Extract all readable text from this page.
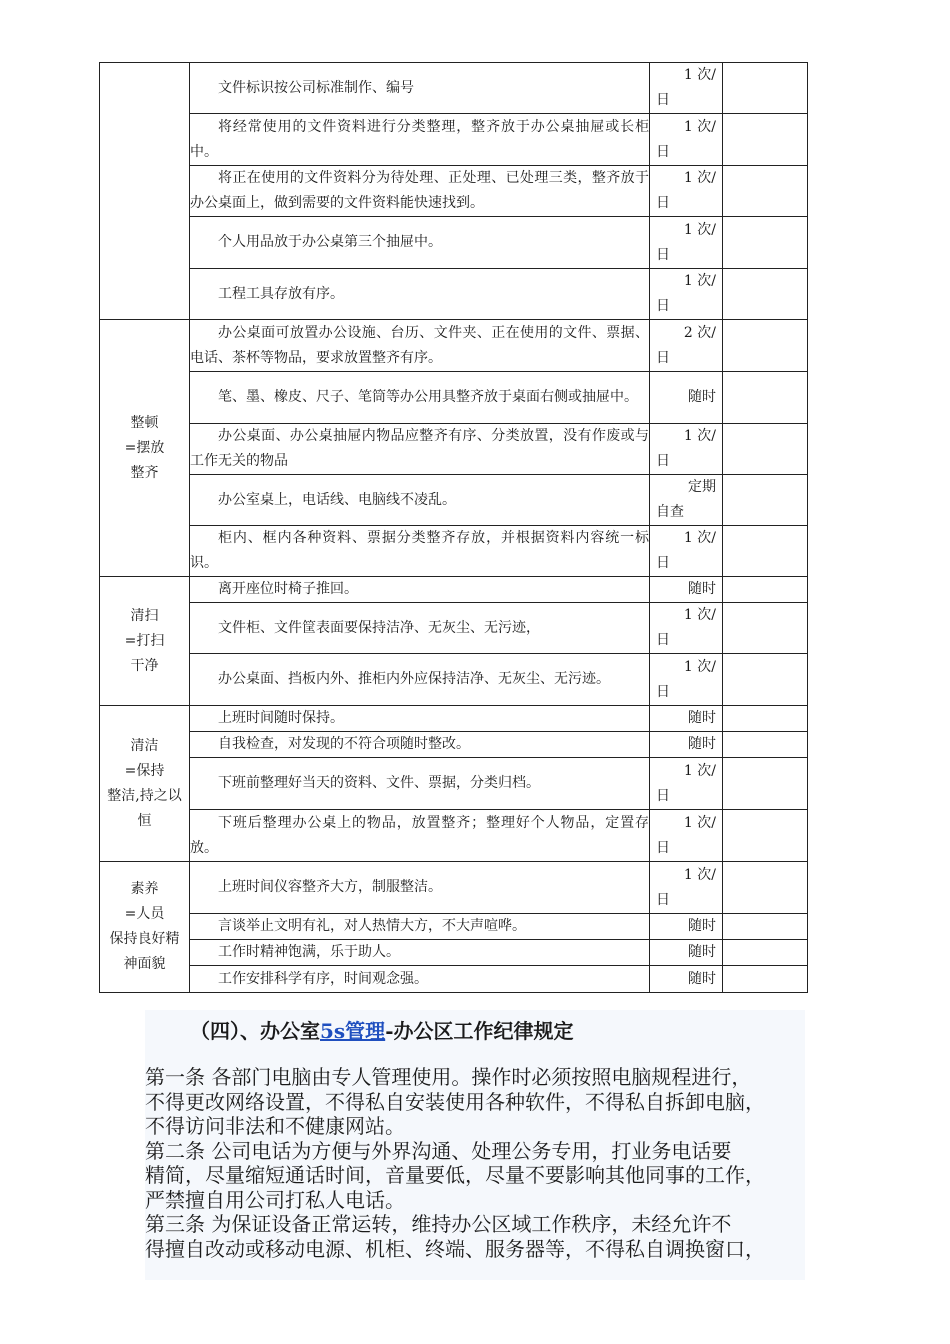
	文件标识按公司标准制作、编号	1 次/
日	

	将经常使用的文件资料进行分类整理，整齐放于办公桌抽屉或长柜中。	1 次/
日	

	将正在使用的文件资料分为待处理、正处理、已处理三类，整齐放于办公桌面上，做到需要的文件资料能快速找到。	1 次/
日	

	个人用品放于办公桌第三个抽屉中。	1 次/
日	

	工程工具存放有序。	1 次/
日	

整顿
=摆放
整齐	办公桌面可放置办公设施、台历、文件夹、正在使用的文件、票据、电话、茶杯等物品，要求放置整齐有序。	2 次/
日	

	笔、墨、橡皮、尺子、笔筒等办公用具整齐放于桌面右侧或抽屉中。	随时	

	办公桌面、办公桌抽屉内物品应整齐有序、分类放置，没有作废或与工作无关的物品	1 次/
日	

	办公室桌上，电话线、电脑线不凌乱。	定期
自查	

	柜内、框内各种资料、票据分类整齐存放，并根据资料内容统一标识。	1 次/
日	

清扫
=打扫
干净	离开座位时椅子推回。	随时	

	文件柜、文件筐表面要保持洁净、无灰尘、无污迹，	1 次/
日	

	办公桌面、挡板内外、推柜内外应保持洁净、无灰尘、无污迹。	1 次/
日	

清洁
=保持
整洁,持之以
恒	上班时间随时保持。	随时	

	自我检查，对发现的不符合项随时整改。	随时	

	下班前整理好当天的资料、文件、票据，分类归档。	1 次/
日	

	下班后整理办公桌上的物品，放置整齐；整理好个人物品，定置存放。	1 次/
日	

素养
=人员
保持良好精
神面貌	上班时间仪容整齐大方，制服整洁。	1 次/
日	

	言谈举止文明有礼，对人热情大方，不大声喧哗。	随时	

	工作时精神饱满，乐于助人。	随时	

	工作安排科学有序，时间观念强。	随时	

（四）、办公室5s管理-办公区工作纪律规定
第一条 各部门电脑由专人管理使用。操作时必须按照电脑规程进行，
不得更改网络设置，不得私自安装使用各种软件，不得私自拆卸电脑，
不得访问非法和不健康网站。
第二条 公司电话为方便与外界沟通、处理公务专用，打业务电话要
精简，尽量缩短通话时间，音量要低，尽量不要影响其他同事的工作，
严禁擅自用公司打私人电话。
第三条 为保证设备正常运转，维持办公区域工作秩序，未经允许不
得擅自改动或移动电源、机柜、终端、服务器等，不得私自调换窗口，
